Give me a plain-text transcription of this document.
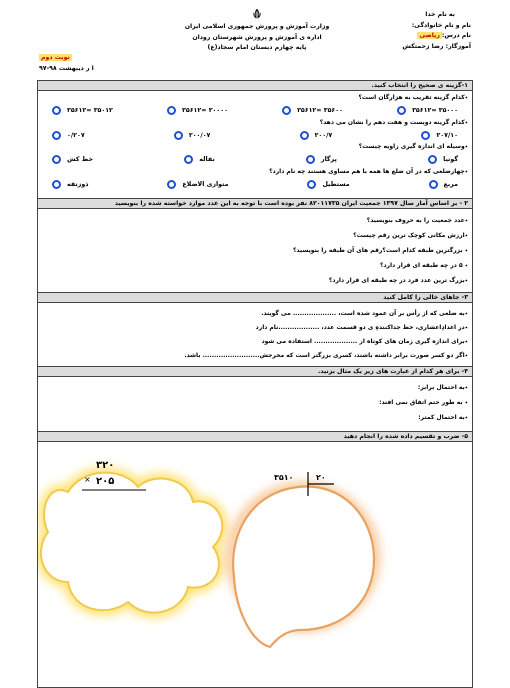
وزارت آموزش و پرورش جمهوری اسلامی ایران
اداره ی آموزش و پرورش شهرستان رودان
پایه چهارم دبستان امام سجاد(ع)
به نام خدا
نام و نام خانوادگی:
نام درس:ریاضی
آموزگار: رضا زحمتکش
نوبت دوم
ا ر دیبهشت ۹۸-۹۷
۱-گزینه ی صحیح را انتخاب کنید.
٭کدام گزینه تقریب به هزارگان است؟
۳۵۰۰۰ =۳۵۶۱۲
۳۵۶۰۰ =۳۵۶۱۲
۳۰۰۰۰ =۳۵۶۱۲
۳۵۰۱۲ =۳۵۶۱۲
٭کدام گزینه دویست و هفت دهم را نشان می دهد؟
۲۰۷/۱۰
۲۰۰/۷
۲۰۰/۰۷
۰/۲۰۷
٭وسیله ای اندازه گیری زاویه چیست؟
گونیا
پرگار
نقاله
خط کش
٭چهارضلعی که در آن ضلع ها همه با هم مساوی هستند چه نام دارد؟
مربع
مستطیل
متوازی الاضلاع
ذوزنقه
۲ - بر اساس آمار سال ۱۳۹۷ جمعیت ایران ۸۲۰۱۱۷۳۵ نفر بوده است با توجه به این عدد موارد خواسته شده را بنویسید
٭عدد جمعیت را به حروف بنویسید؟
٭ارزش مکانی کوچک ترین رقم چیست؟
٭ بزرگترین طبقه کدام است؟رقم های آن طبقه را بنویسید؟
٭ ۵ در چه طبقه ای قرار دارد؟
٭بزرگ ترین عدد فرد در چه طبقه ای قرار دارد؟
۳- جاهای خالی را کامل کنید
٭به ضلعی که از رأس بر آن عمود شده است، ................... می گویند.
٭در اعدادِاعشاری، خط جداکنندهِ ی دو قسمت عدد، ..................نام دارد
٭برای اندازه گیری زمان های کوتاه از ................... استفاده می شود
٭اگر دو کسر صورت برابر داشته باشند، کسری بزرگتر است که مخرجش......................... باشد.
۴- برای هر کدام از عبارت های زیر یک مثال بزنید.
٭به احتمال برابر:
٭ به طور حتم اتفاق نمی افتد:
٭به احتمال کمتر:
۵- ضرب و تقسیم داده شده را انجام دهید
۳۵۱۰	۲۰
۳۲۰
۲۰۵
×
